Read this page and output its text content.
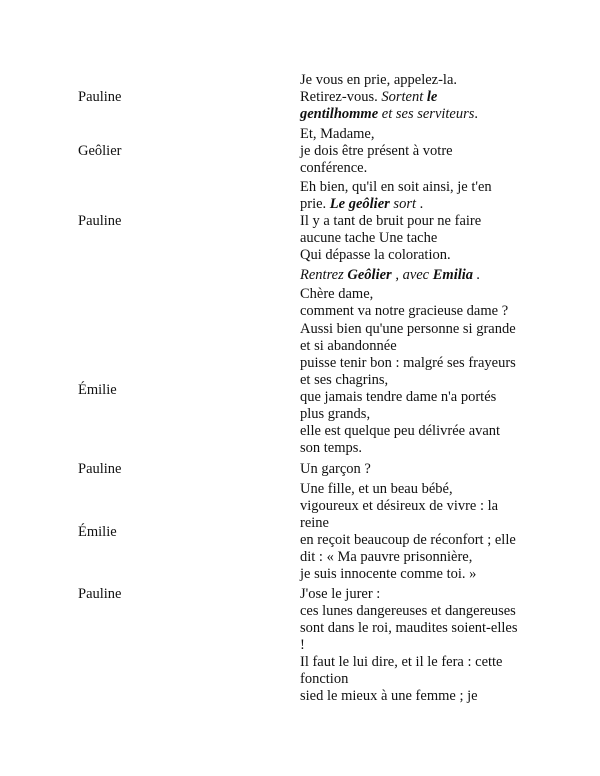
Pauline
Je vous en prie, appelez-la.
Retirez-vous. Sortent le
gentilhomme et ses serviteurs.
Geôlier
Et, Madame,
je dois être présent à votre
conférence.
Pauline
Eh bien, qu'il en soit ainsi, je t'en
prie. Le geôlier sort .
Il y a tant de bruit pour ne faire
aucune tache Une tache
Qui dépasse la coloration.
Rentrez Geôlier , avec Emilia .
Chère dame,
comment va notre gracieuse dame ?
Émilie
Aussi bien qu'une personne si grande
et si abandonnée
puisse tenir bon : malgré ses frayeurs
et ses chagrins,
que jamais tendre dame n'a portés
plus grands,
elle est quelque peu délivrée avant
son temps.
Pauline	Un garçon ?
Émilie
Une fille, et un beau bébé,
vigoureux et désireux de vivre : la
reine
en reçoit beaucoup de réconfort ; elle
dit : « Ma pauvre prisonnière,
je suis innocente comme toi. »
Pauline	J'ose le jurer :
ces lunes dangereuses et dangereuses
sont dans le roi, maudites soient-elles
!
Il faut le lui dire, et il le fera : cette
fonction
sied le mieux à une femme ; je
